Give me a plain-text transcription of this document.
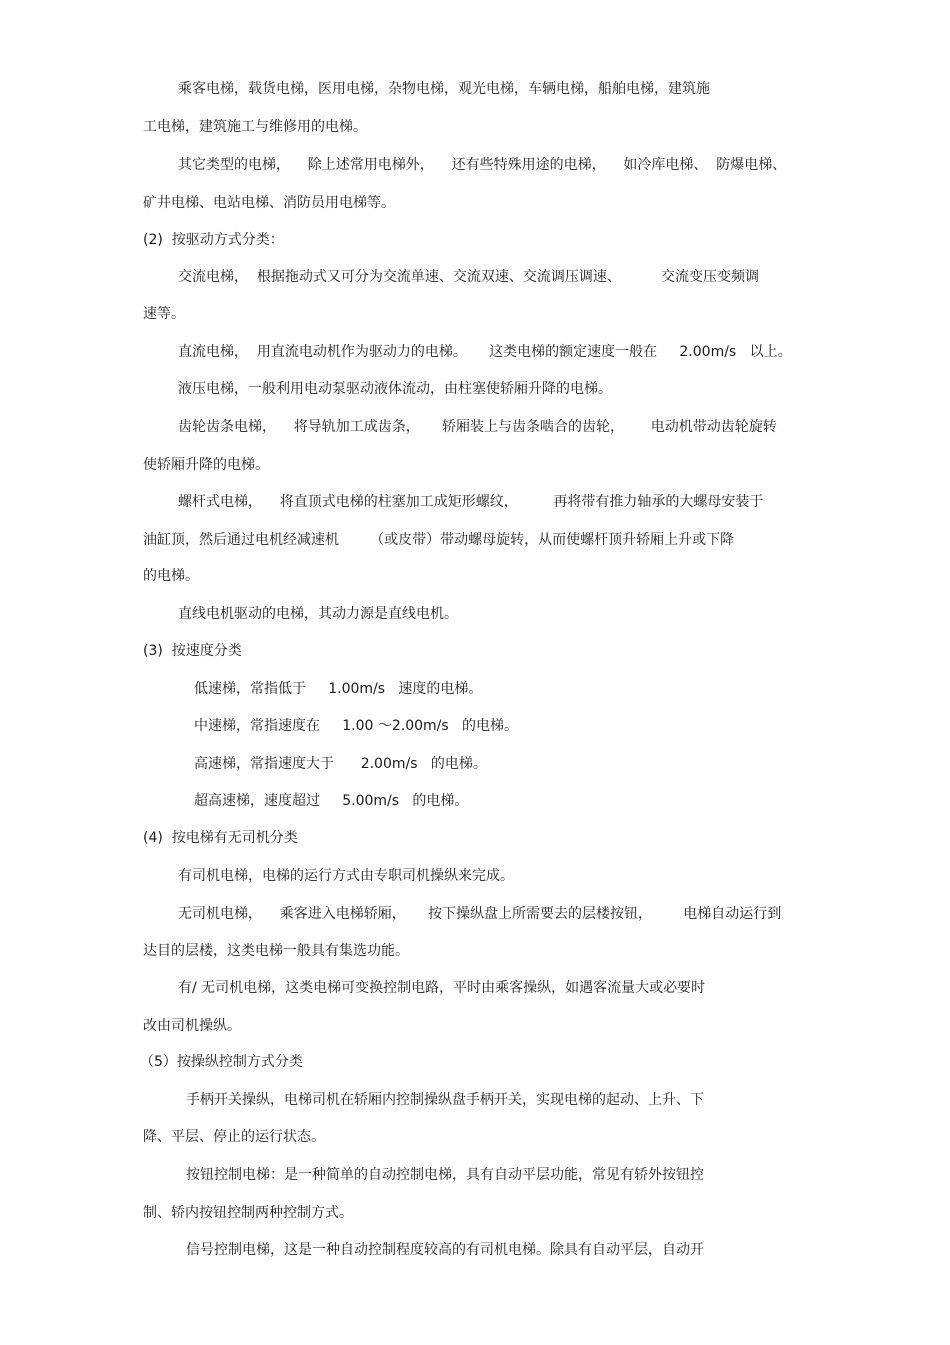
乘客电梯，载货电梯，医用电梯，杂物电梯，观光电梯，车辆电梯，船舶电梯，建筑施
工电梯，建筑施工与维修用的电梯。
其它类型的电梯，    除上述常用电梯外，    还有些特殊用途的电梯，    如冷库电梯、  防爆电梯、
矿井电梯、电站电梯、消防员用电梯等。
(2)  按驱动方式分类：
交流电梯，  根据拖动式又可分为交流单速、交流双速、交流调压调速、         交流变压变频调
速等。
直流电梯，  用直流电动机作为驱动力的电梯。     这类电梯的额定速度一般在     2.00m/s   以上。
液压电梯，一般利用电动泵驱动液体流动，由柱塞使轿厢升降的电梯。
齿轮齿条电梯，    将导轨加工成齿条，     轿厢装上与齿条啮合的齿轮，      电动机带动齿轮旋转
使轿厢升降的电梯。
螺杆式电梯，    将直顶式电梯的柱塞加工成矩形螺纹，        再将带有推力轴承的大螺母安装于
油缸顶，然后通过电机经减速机       （或皮带）带动螺母旋转，从而使螺杆顶升轿厢上升或下降
的电梯。
直线电机驱动的电梯，其动力源是直线电机。
(3)  按速度分类
低速梯，常指低于     1.00m/s   速度的电梯。
中速梯，常指速度在     1.00 ～2.00m/s   的电梯。
高速梯，常指速度大于      2.00m/s   的电梯。
超高速梯，速度超过     5.00m/s   的电梯。
(4)  按电梯有无司机分类
有司机电梯，电梯的运行方式由专职司机操纵来完成。
无司机电梯，    乘客进入电梯轿厢，     按下操纵盘上所需要去的层楼按钮，       电梯自动运行到
达目的层楼，这类电梯一般具有集选功能。
有/ 无司机电梯，这类电梯可变换控制电路，平时由乘客操纵，如遇客流量大或必要时
改由司机操纵。
（5）按操纵控制方式分类
手柄开关操纵，电梯司机在轿厢内控制操纵盘手柄开关，实现电梯的起动、上升、下
降、平层、停止的运行状态。
按钮控制电梯：是一种简单的自动控制电梯，具有自动平层功能，常见有轿外按钮控
制、轿内按钮控制两种控制方式。
信号控制电梯，这是一种自动控制程度较高的有司机电梯。除具有自动平层，自动开
